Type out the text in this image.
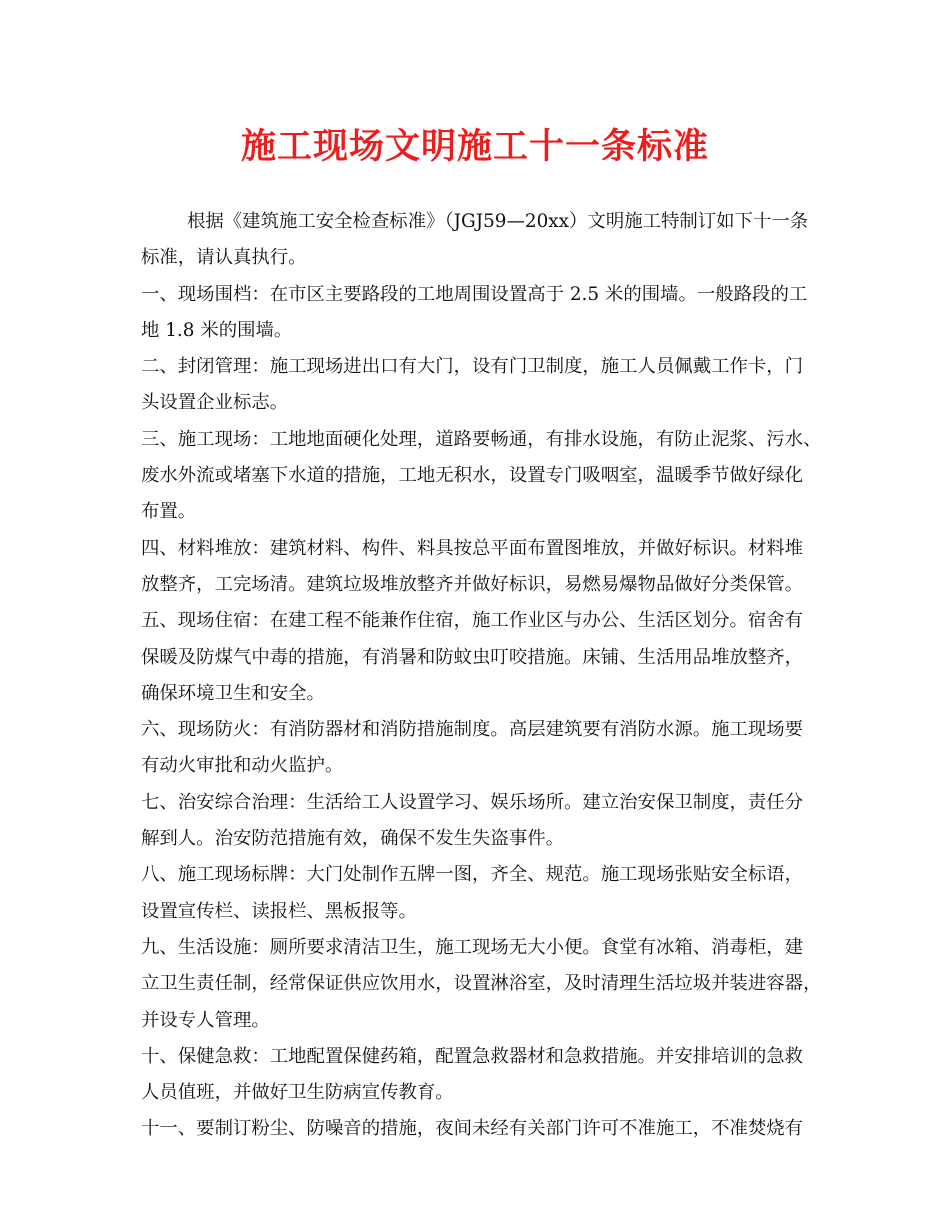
施工现场文明施工十一条标准
根据《建筑施工安全检查标准》（JGJ59—20xx）文明施工特制订如下十一条
标准，请认真执行。
一、现场围档：在市区主要路段的工地周围设置高于 2.5 米的围墙。一般路段的工
地 1.8 米的围墙。
二、封闭管理：施工现场进出口有大门，设有门卫制度，施工人员佩戴工作卡，门
头设置企业标志。
三、施工现场：工地地面硬化处理，道路要畅通，有排水设施，有防止泥浆、污水、
废水外流或堵塞下水道的措施，工地无积水，设置专门吸咽室，温暖季节做好绿化
布置。
四、材料堆放：建筑材料、构件、料具按总平面布置图堆放，并做好标识。材料堆
放整齐，工完场清。建筑垃圾堆放整齐并做好标识，易燃易爆物品做好分类保管。
五、现场住宿：在建工程不能兼作住宿，施工作业区与办公、生活区划分。宿舍有
保暖及防煤气中毒的措施，有消暑和防蚊虫叮咬措施。床铺、生活用品堆放整齐，
确保环境卫生和安全。
六、现场防火：有消防器材和消防措施制度。高层建筑要有消防水源。施工现场要
有动火审批和动火监护。
七、治安综合治理：生活给工人设置学习、娱乐场所。建立治安保卫制度，责任分
解到人。治安防范措施有效，确保不发生失盗事件。
八、施工现场标牌：大门处制作五牌一图，齐全、规范。施工现场张贴安全标语，
设置宣传栏、读报栏、黑板报等。
九、生活设施：厕所要求清洁卫生，施工现场无大小便。食堂有冰箱、消毒柜，建
立卫生责任制，经常保证供应饮用水，设置淋浴室，及时清理生活垃圾并装进容器，
并设专人管理。
十、保健急救：工地配置保健药箱，配置急救器材和急救措施。并安排培训的急救
人员值班，并做好卫生防病宣传教育。
十一、要制订粉尘、防噪音的措施，夜间未经有关部门许可不准施工，不准焚烧有
